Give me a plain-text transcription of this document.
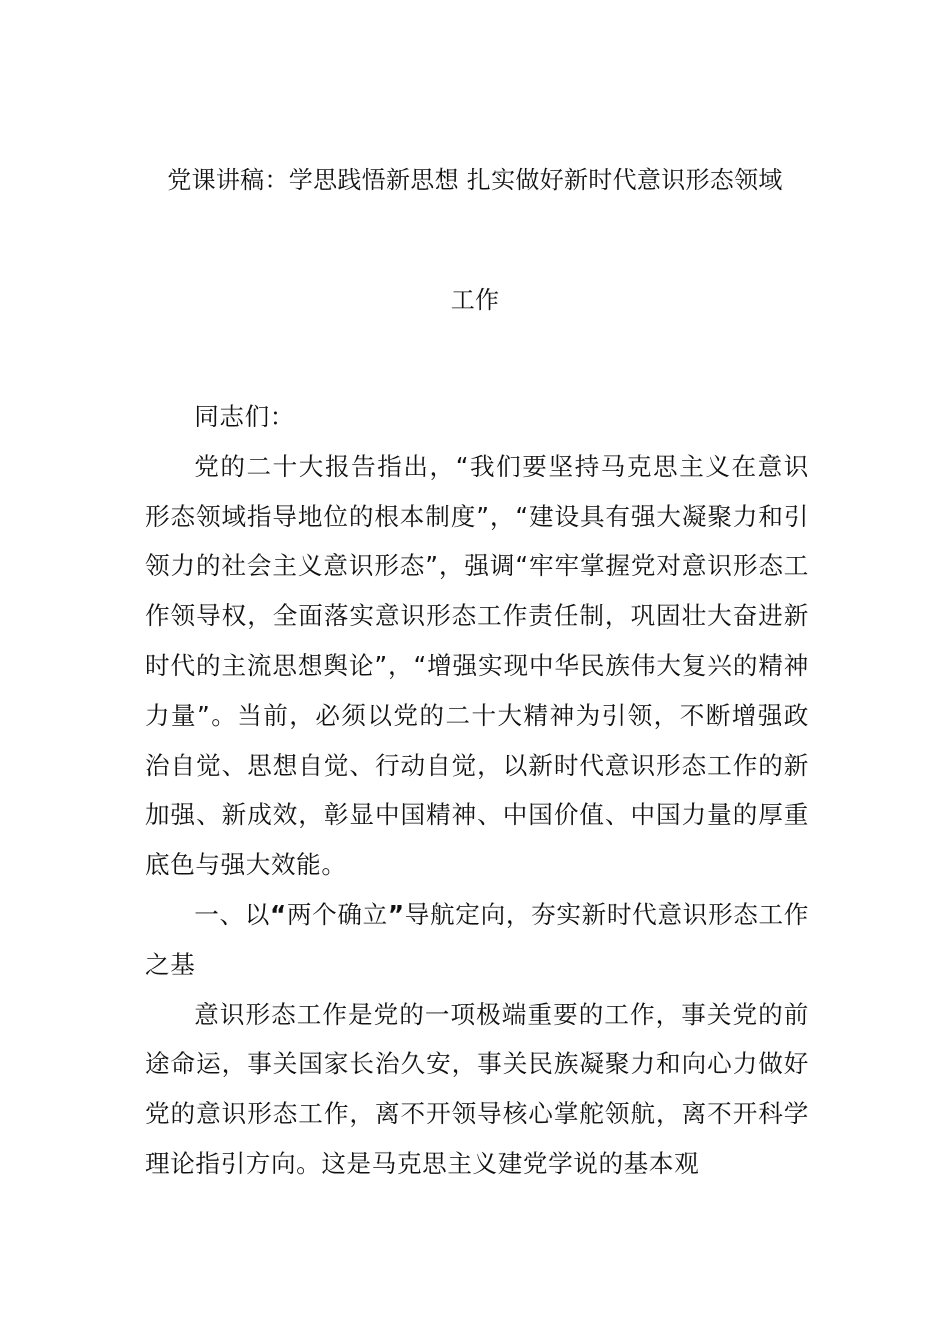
党课讲稿：学思践悟新思想 扎实做好新时代意识形态领域
工作

同志们：

党的二十大报告指出，“我们要坚持马克思主义在意识形态领域指导地位的根本制度”，“建设具有强大凝聚力和引领力的社会主义意识形态”，强调“牢牢掌握党对意识形态工作领导权，全面落实意识形态工作责任制，巩固壮大奋进新时代的主流思想舆论”，“增强实现中华民族伟大复兴的精神力量”。当前，必须以党的二十大精神为引领，不断增强政治自觉、思想自觉、行动自觉，以新时代意识形态工作的新加强、新成效，彰显中国精神、中国价值、中国力量的厚重底色与强大效能。

一、以“两个确立”导航定向，夯实新时代意识形态工作之基

意识形态工作是党的一项极端重要的工作，事关党的前途命运，事关国家长治久安，事关民族凝聚力和向心力做好党的意识形态工作，离不开领导核心掌舵领航，离不开科学理论指引方向。这是马克思主义建党学说的基本观
